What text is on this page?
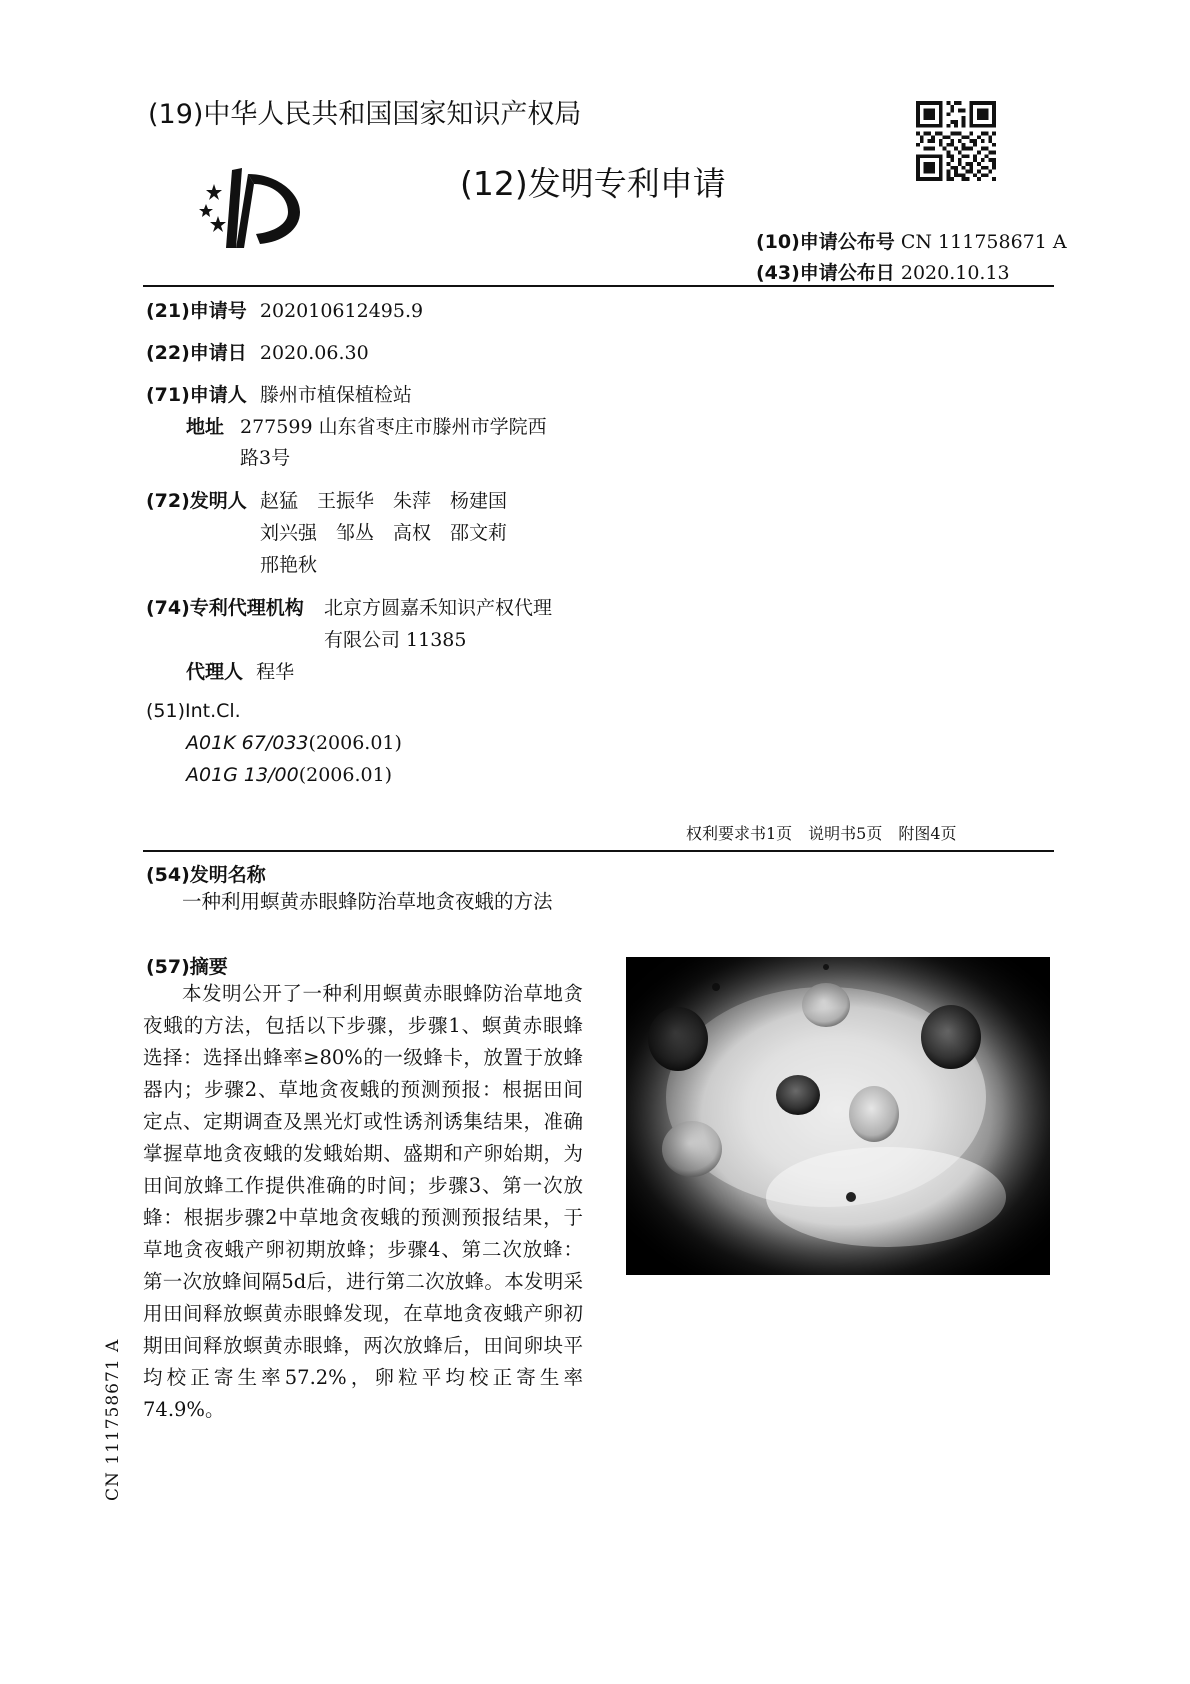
(19)中华人民共和国国家知识产权局
(12)发明专利申请
(10)申请公布号 CN 111758671 A
(43)申请公布日 2020.10.13
(21)申请号 202010612495.9
(22)申请日 2020.06.30
(71)申请人 滕州市植保植检站
地址 277599 山东省枣庄市滕州市学院西
路3号
(72)发明人 赵猛　王振华　朱萍　杨建国
刘兴强　邹丛　高权　邵文莉
邢艳秋
(74)专利代理机构 北京方圆嘉禾知识产权代理
有限公司 11385
代理人 程华
(51)Int.Cl.
A01K 67/033(2006.01)
A01G 13/00(2006.01)
权利要求书1页　说明书5页　附图4页
(54)发明名称
一种利用螟黄赤眼蜂防治草地贪夜蛾的方法
(57)摘要
本发明公开了一种利用螟黄赤眼蜂防治草地贪夜蛾的方法，包括以下步骤，步骤1、螟黄赤眼蜂选择：选择出蜂率≥80%的一级蜂卡，放置于放蜂器内；步骤2、草地贪夜蛾的预测预报：根据田间定点、定期调查及黑光灯或性诱剂诱集结果，准确掌握草地贪夜蛾的发蛾始期、盛期和产卵始期，为田间放蜂工作提供准确的时间；步骤3、第一次放蜂：根据步骤2中草地贪夜蛾的预测预报结果，于草地贪夜蛾产卵初期放蜂；步骤4、第二次放蜂：第一次放蜂间隔5d后，进行第二次放蜂。本发明采用田间释放螟黄赤眼蜂发现，在草地贪夜蛾产卵初期田间释放螟黄赤眼蜂，两次放蜂后，田间卵块平均校正寄生率57.2%，卵粒平均校正寄生率74.9%。
CN 111758671 A
